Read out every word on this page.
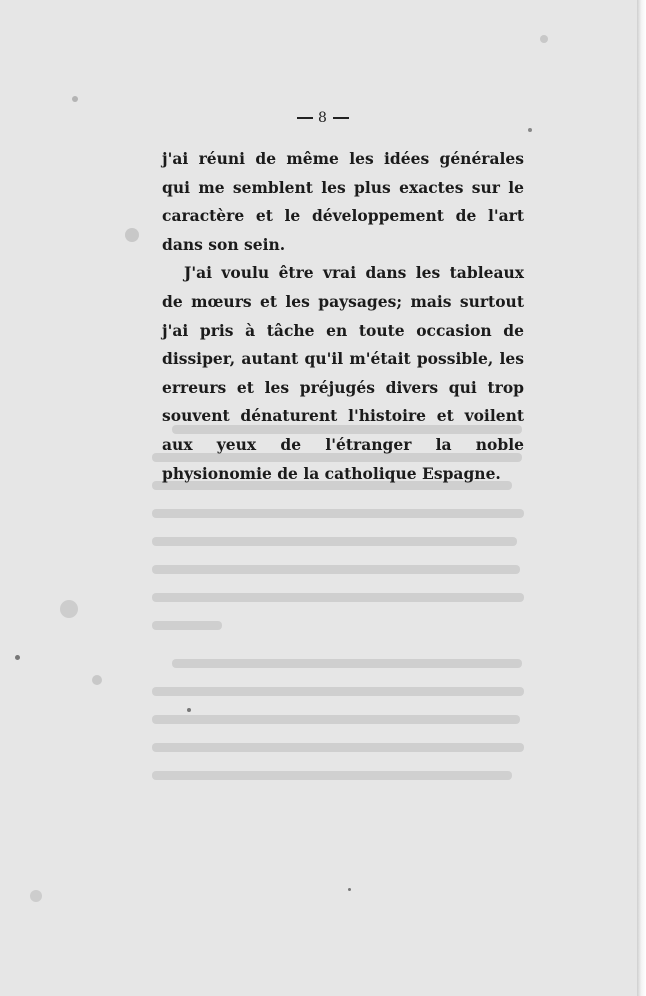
8

j'ai réuni de même les idées générales qui me semblent les plus exactes sur le caractère et le développement de l'art dans son sein.

J'ai voulu être vrai dans les tableaux de mœurs et les paysages; mais surtout j'ai pris à tâche en toute occasion de dissiper, autant qu'il m'était possible, les erreurs et les préjugés divers qui trop souvent dénaturent l'histoire et voilent aux yeux de l'étranger la noble physionomie de la catholique Espagne.
